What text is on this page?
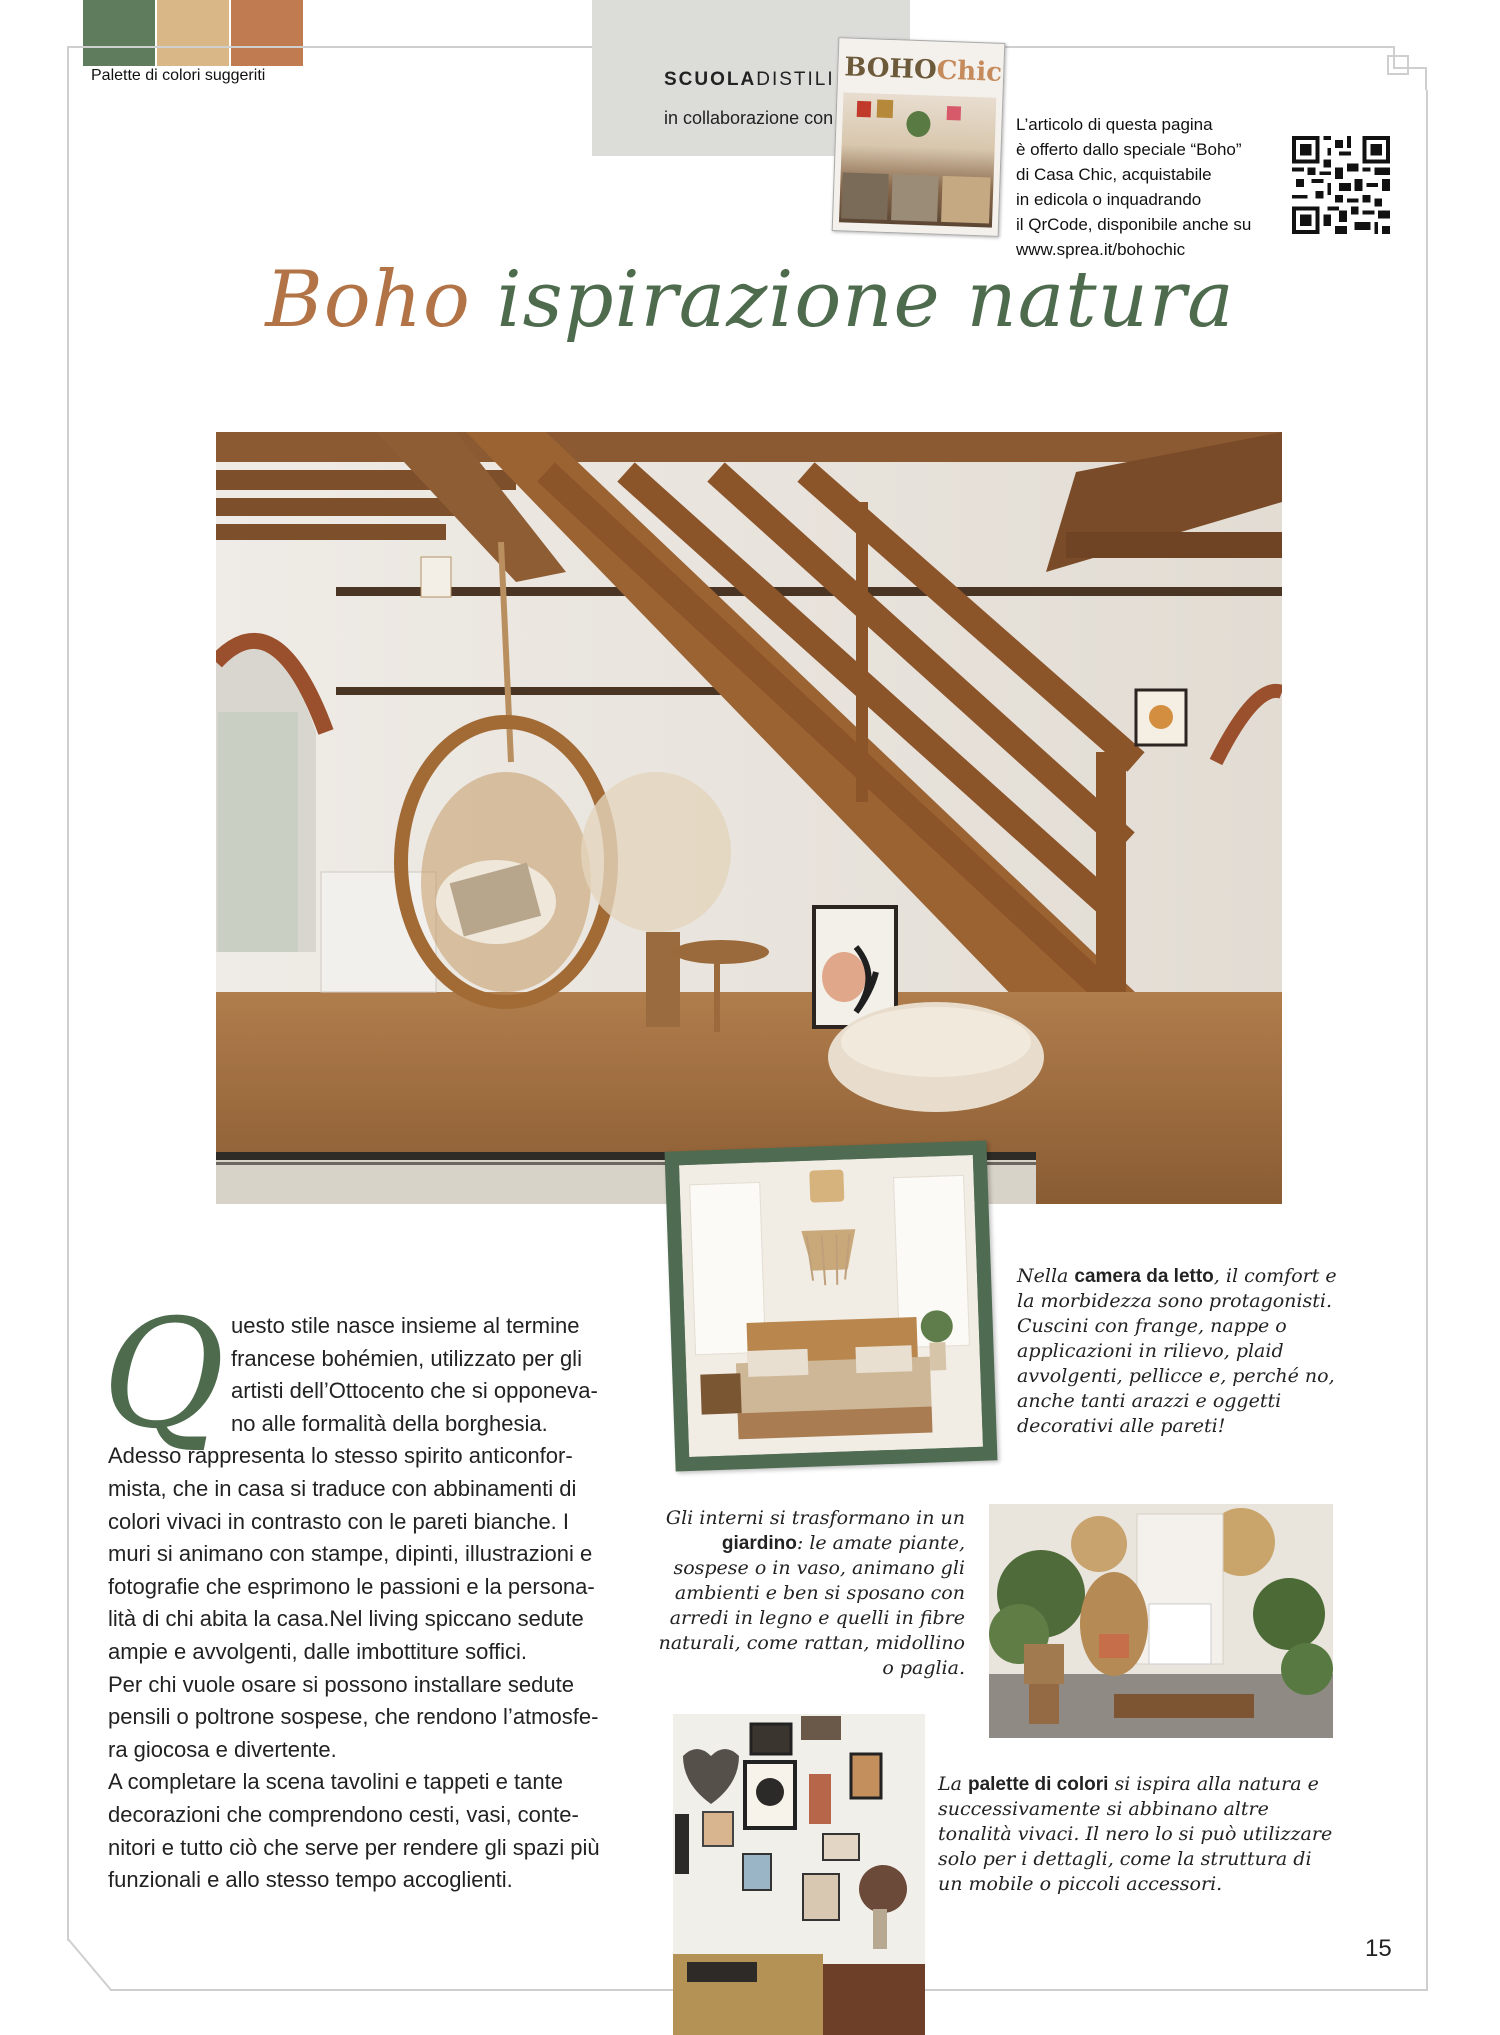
Palette di colori suggeriti	SCUOLADISTILI
in collaborazione con
BOHOChic
L’articolo di questa pagina
è offerto dallo speciale “Boho”
di Casa Chic, acquistabile
in edicola o inquadrando
il QrCode, disponibile anche su
www.sprea.it/bohochic
Boho ispirazione natura
Q uesto stile nasce insieme al termine francese bohémien, utilizzato per gli artisti dell’Ottocento che si opponeva-no alle formalità della borghesia.

Adesso rappresenta lo stesso spirito anticonfor-mista, che in casa si traduce con abbinamenti di colori vivaci in contrasto con le pareti bianche. I muri si animano con stampe, dipinti, illustrazioni e fotografie che esprimono le passioni e la persona-lità di chi abita la casa.Nel living spiccano sedute ampie e avvolgenti, dalle imbottiture soffici.

Per chi vuole osare si possono installare sedute pensili o poltrone sospese, che rendono l’atmosfe-ra giocosa e divertente.

A completare la scena tavolini e tappeti e tante decorazioni che comprendono cesti, vasi, conte-nitori e tutto ciò che serve per rendere gli spazi più funzionali e allo stesso tempo accoglienti.

Nella camera da letto, il comfort e la morbidezza sono protagonisti. Cuscini con frange, nappe o applicazioni in rilievo, plaid avvolgenti, pellicce e, perché no, anche tanti arazzi e oggetti decorativi alle pareti!
Gli interni si trasformano in un giardino: le amate piante, sospese o in vaso, animano gli ambienti e ben si sposano con arredi in legno e quelli in fibre naturali, come rattan, midollino o paglia.
La palette di colori si ispira alla natura e successivamente si abbinano altre tonalità vivaci. Il nero lo si può utilizzare solo per i dettagli, come la struttura di un mobile o piccoli accessori.
15
